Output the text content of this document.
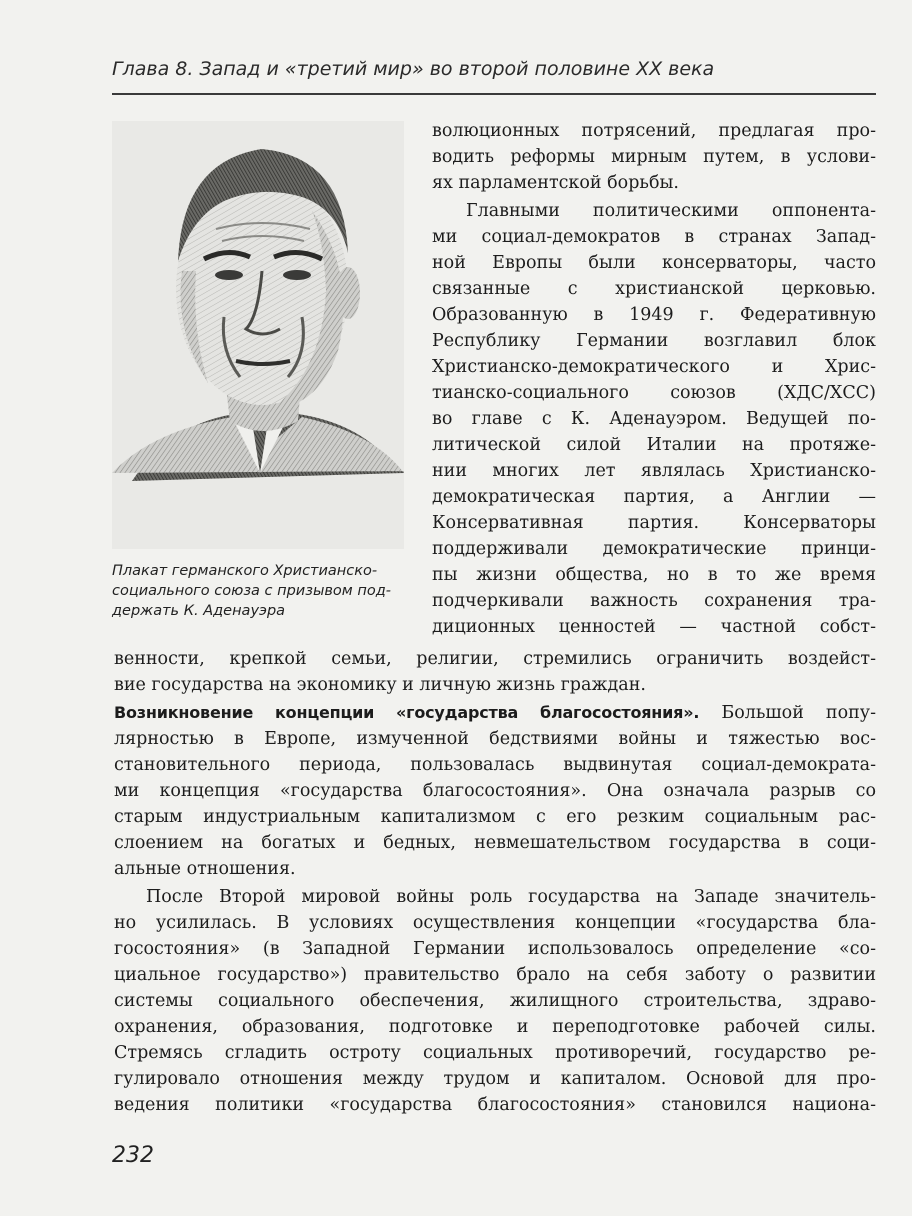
Глава 8. Запад и «третий мир» во второй половине XX века
Плакат германского Христианско-
социального союза с призывом под-
держать К. Аденауэра
волюционных потрясений, предлагая про-
водить реформы мирным путем, в услови-
ях парламентской борьбы.
Главными политическими оппонента-
ми социал-демократов в странах Запад-
ной Европы были консерваторы, часто
связанные с христианской церковью.
Образованную в 1949 г. Федеративную
Республику Германии возглавил блок
Христианско-демократического и Хрис-
тианско-социального союзов (ХДС/ХСС)
во главе с К. Аденауэром. Ведущей по-
литической силой Италии на протяже-
нии многих лет являлась Христианско-
демократическая партия, а Англии —
Консервативная партия. Консерваторы
поддерживали демократические принци-
пы жизни общества, но в то же время
подчеркивали важность сохранения тра-
диционных ценностей — частной собст-
венности, крепкой семьи, религии, стремились ограничить воздейст-
вие государства на экономику и личную жизнь граждан.
Возникновение концепции «государства благосостояния». Большой попу-
лярностью в Европе, измученной бедствиями войны и тяжестью вос-
становительного периода, пользовалась выдвинутая социал-демократа-
ми концепция «государства благосостояния». Она означала разрыв со
старым индустриальным капитализмом с его резким социальным рас-
слоением на богатых и бедных, невмешательством государства в соци-
альные отношения.
После Второй мировой войны роль государства на Западе значитель-
но усилилась. В условиях осуществления концепции «государства бла-
госостояния» (в Западной Германии использовалось определение «со-
циальное государство») правительство брало на себя заботу о развитии
системы социального обеспечения, жилищного строительства, здраво-
охранения, образования, подготовке и переподготовке рабочей силы.
Стремясь сгладить остроту социальных противоречий, государство ре-
гулировало отношения между трудом и капиталом. Основой для про-
ведения политики «государства благосостояния» становился национа-
232
